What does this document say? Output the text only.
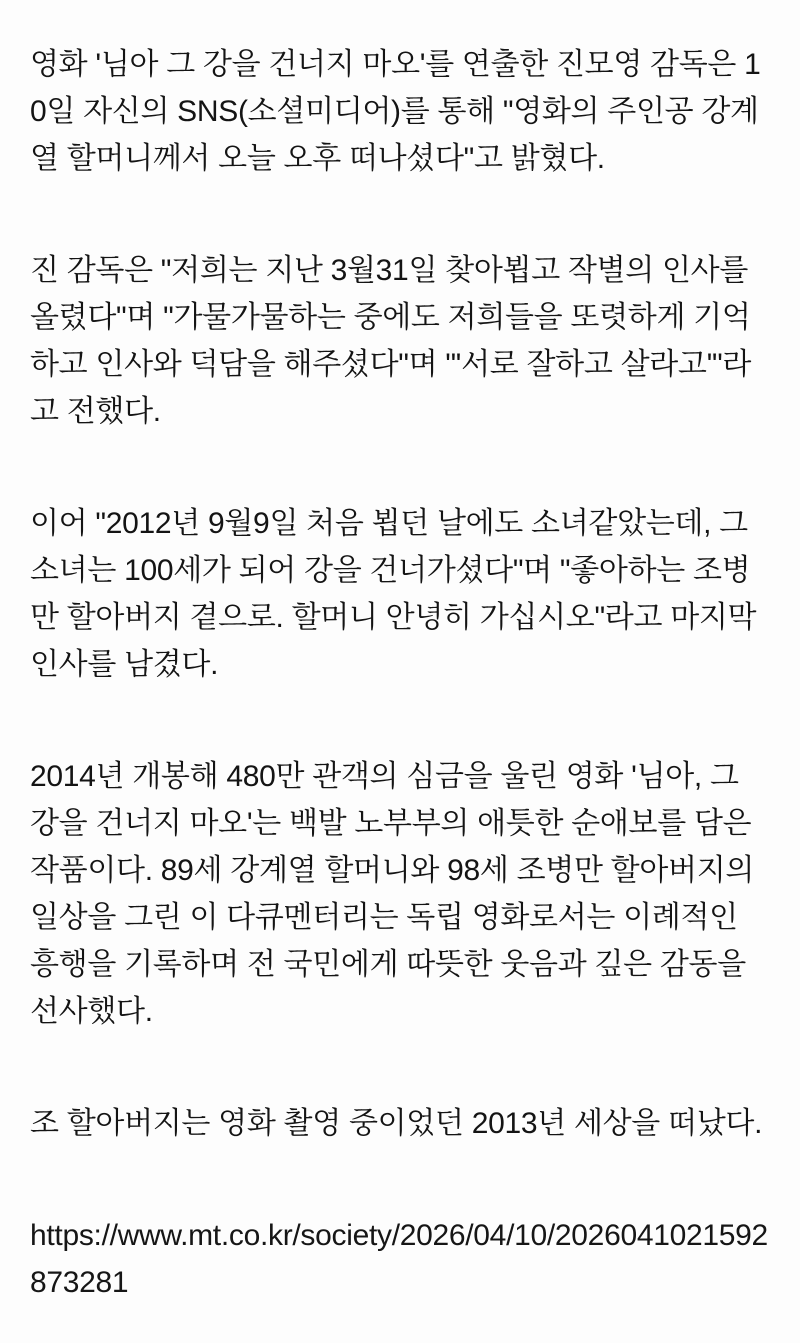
영화 '님아 그 강을 건너지 마오'를 연출한 진모영 감독은 10일 자신의 SNS(소셜미디어)를 통해 "영화의 주인공 강계열 할머니께서 오늘 오후 떠나셨다"고 밝혔다.

진 감독은 "저희는 지난 3월31일 찾아뵙고 작별의 인사를 올렸다"며 "가물가물하는 중에도 저희들을 또렷하게 기억하고 인사와 덕담을 해주셨다"며 "'서로 잘하고 살라고'"라고 전했다.

이어 "2012년 9월9일 처음 뵙던 날에도 소녀같았는데, 그 소녀는 100세가 되어 강을 건너가셨다"며 "좋아하는 조병만 할아버지 곁으로. 할머니 안녕히 가십시오"라고 마지막 인사를 남겼다.

2014년 개봉해 480만 관객의 심금을 울린 영화 '님아, 그 강을 건너지 마오'는 백발 노부부의 애틋한 순애보를 담은 작품이다. 89세 강계열 할머니와 98세 조병만 할아버지의 일상을 그린 이 다큐멘터리는 독립 영화로서는 이례적인 흥행을 기록하며 전 국민에게 따뜻한 웃음과 깊은 감동을 선사했다.

조 할아버지는 영화 촬영 중이었던 2013년 세상을 떠났다.

https://www.mt.co.kr/society/2026/04/10/2026041021592873281
